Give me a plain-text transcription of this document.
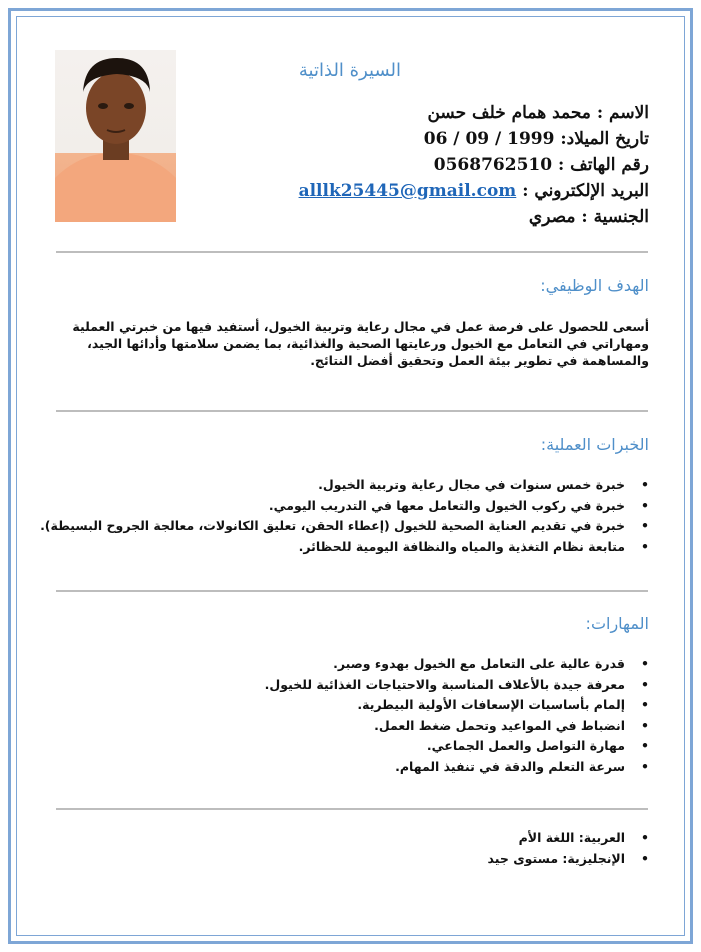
السيرة الذاتية
الاسم : محمد همام خلف حسن
تاريخ الميلاد: 06 / 09 / 1999
رقم الهاتف : 0568762510
البريد الإلكتروني : alllk25445@gmail.com
الجنسية : مصري
الهدف الوظيفي:
أسعى للحصول على فرصة عمل في مجال رعاية وتربية الخيول، أستفيد فيها من خبرتي العملية ومهاراتي في التعامل مع الخيول ورعايتها الصحية والغذائية، بما يضمن سلامتها وأدائها الجيد، والمساهمة في تطوير بيئة العمل وتحقيق أفضل النتائج.
الخبرات العملية:
•
خبرة خمس سنوات في مجال رعاية وتربية الخيول.
•
خبرة في ركوب الخيول والتعامل معها في التدريب اليومي.
•
خبرة في تقديم العناية الصحية للخيول (إعطاء الحقن، تعليق الكانولات، معالجة الجروح البسيطة).
•
متابعة نظام التغذية والمياه والنظافة اليومية للحظائر.
المهارات:
•
قدرة عالية على التعامل مع الخيول بهدوء وصبر.
•
معرفة جيدة بالأعلاف المناسبة والاحتياجات الغذائية للخيول.
•
إلمام بأساسيات الإسعافات الأولية البيطرية.
•
انضباط في المواعيد وتحمل ضغط العمل.
•
مهارة التواصل والعمل الجماعي.
•
سرعة التعلم والدقة في تنفيذ المهام.
•
العربية: اللغة الأم
•
الإنجليزية: مستوى جيد
